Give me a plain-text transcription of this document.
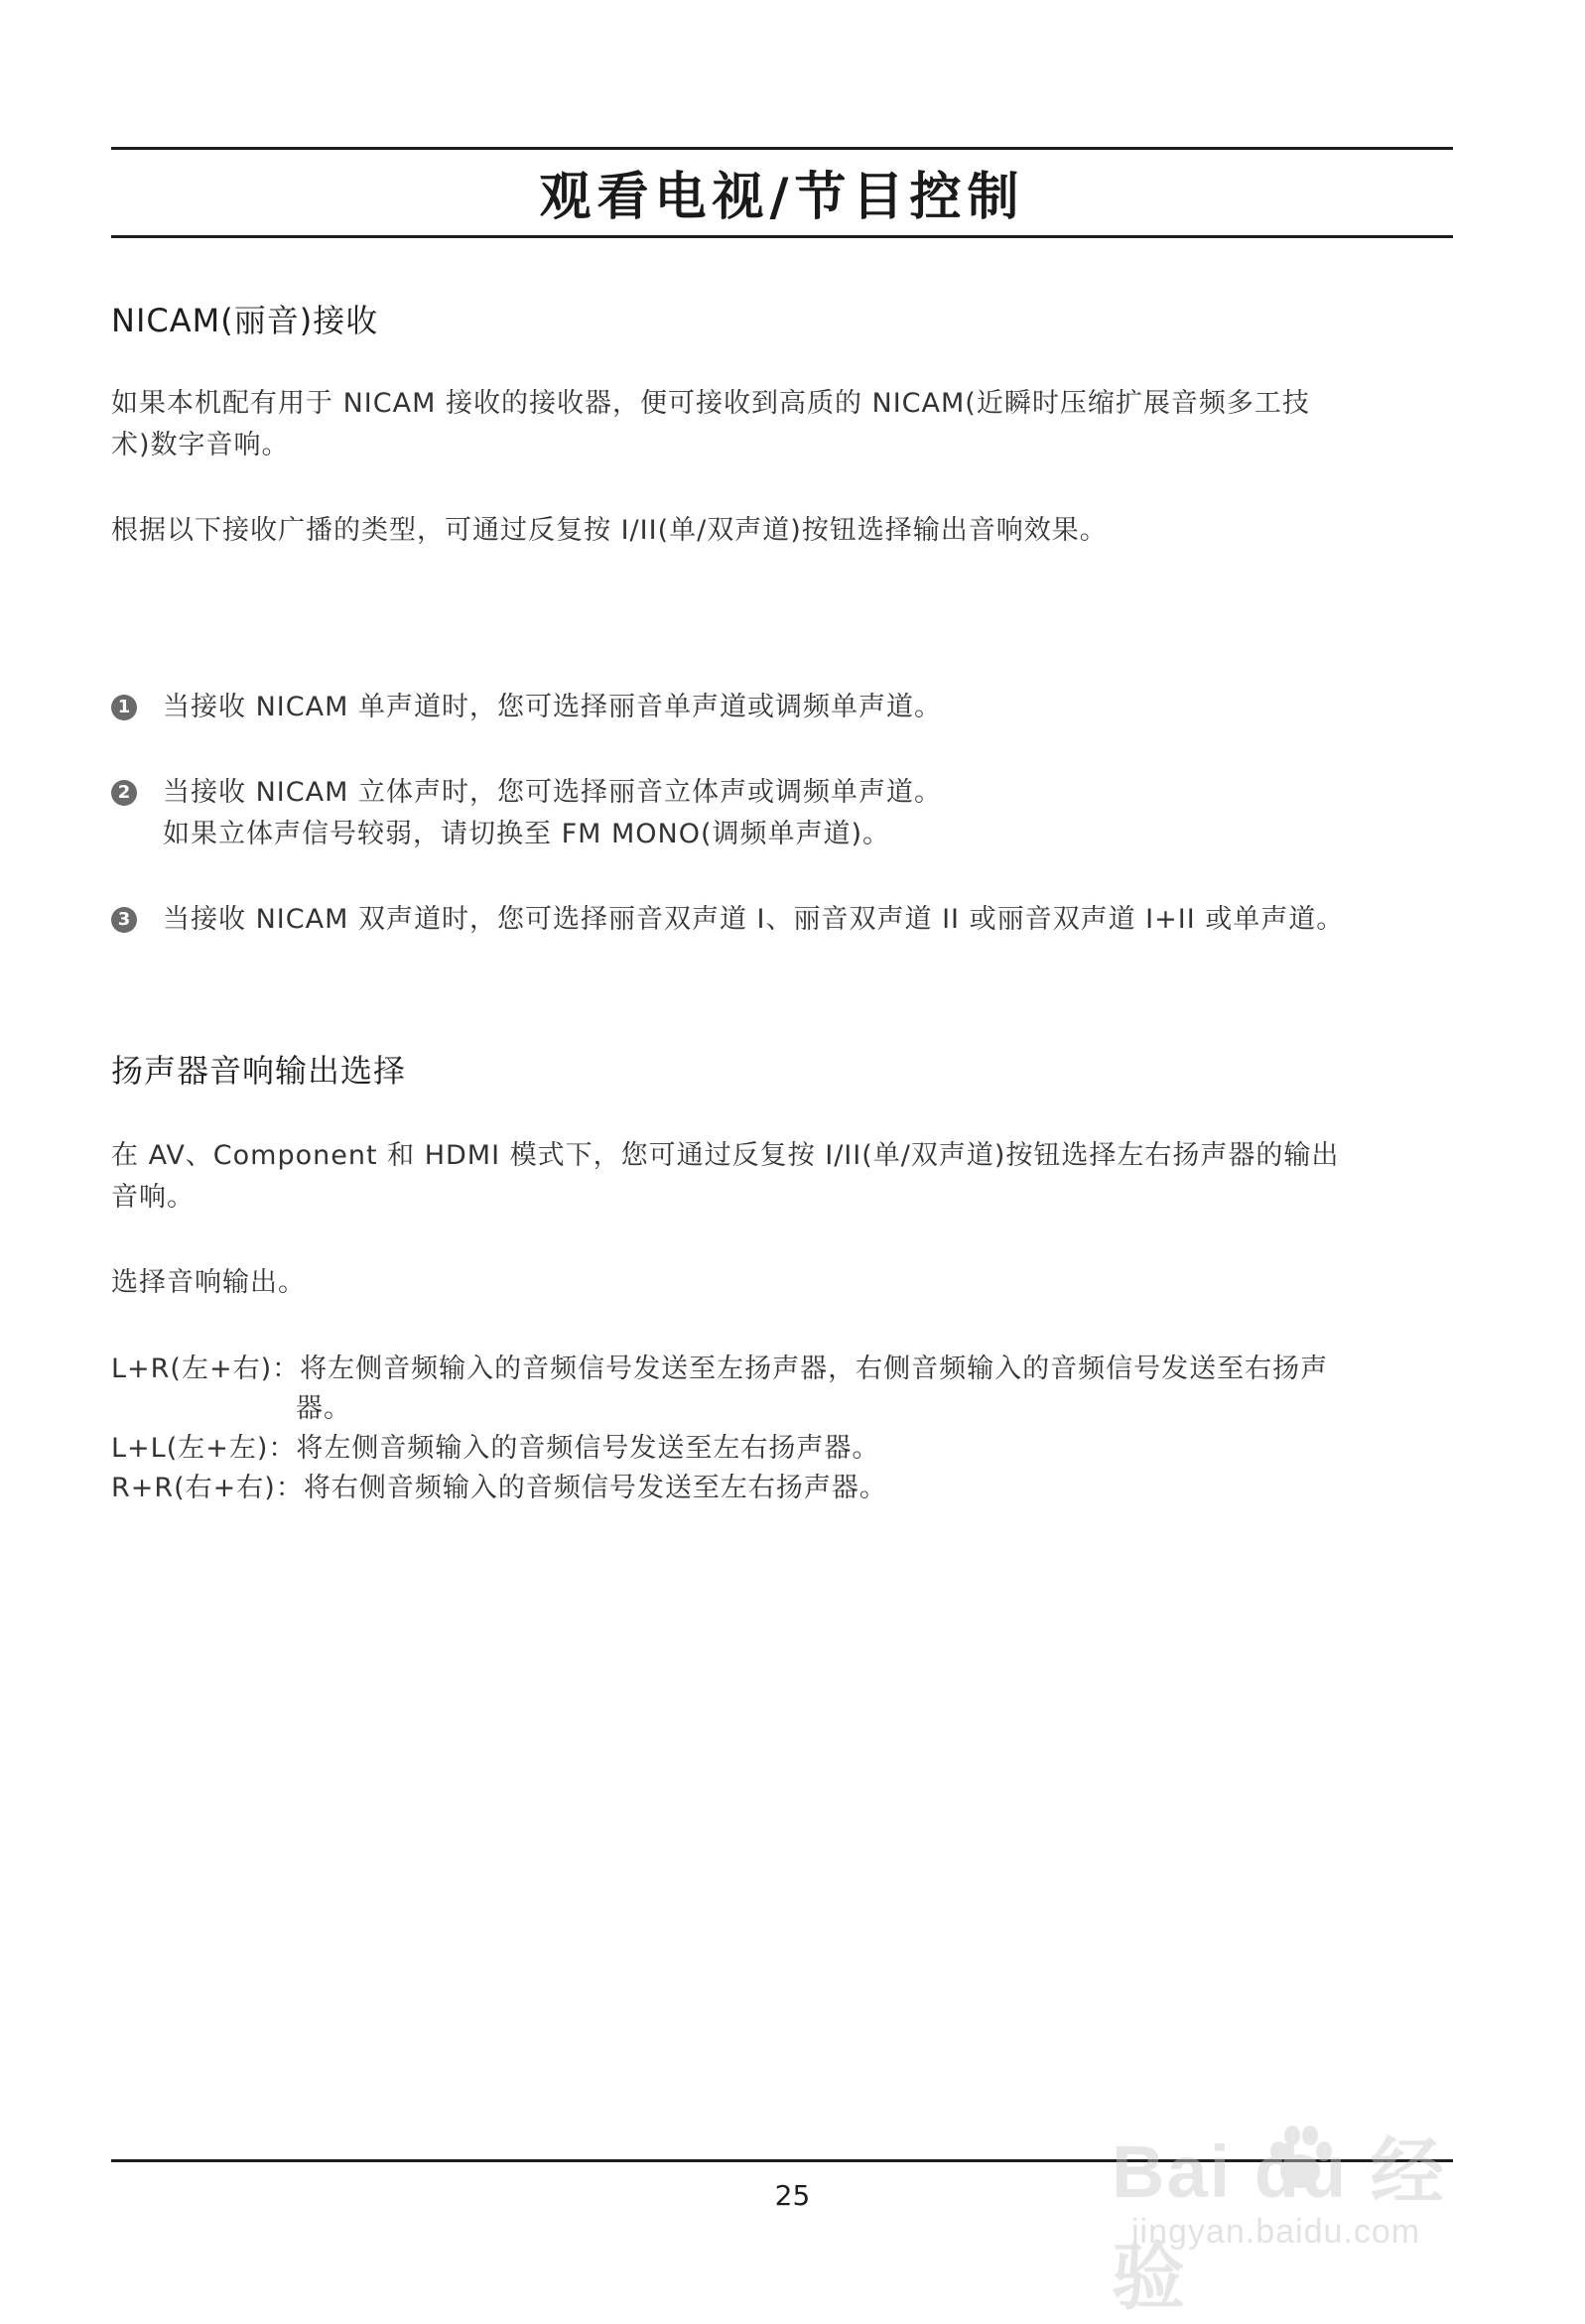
观看电视/节目控制
NICAM(丽音)接收
如果本机配有用于 NICAM 接收的接收器，便可接收到高质的 NICAM(近瞬时压缩扩展音频多工技
术)数字音响。
根据以下接收广播的类型，可通过反复按 I/II(单/双声道)按钮选择输出音响效果。
1 当接收 NICAM 单声道时，您可选择丽音单声道或调频单声道。
2 当接收 NICAM 立体声时，您可选择丽音立体声或调频单声道。
如果立体声信号较弱，请切换至 FM MONO(调频单声道)。
3 当接收 NICAM 双声道时，您可选择丽音双声道 I、丽音双声道 II 或丽音双声道 I+II 或单声道。
扬声器音响输出选择
在 AV、Component 和 HDMI 模式下，您可通过反复按 I/II(单/双声道)按钮选择左右扬声器的输出
音响。
选择音响输出。
L+R(左+右)：将左侧音频输入的音频信号发送至左扬声器，右侧音频输入的音频信号发送至右扬声
器。
L+L(左+左)：将左侧音频输入的音频信号发送至左右扬声器。
R+R(右+右)：将右侧音频输入的音频信号发送至左右扬声器。
25	Bai du 经验
jingyan.baidu.com
